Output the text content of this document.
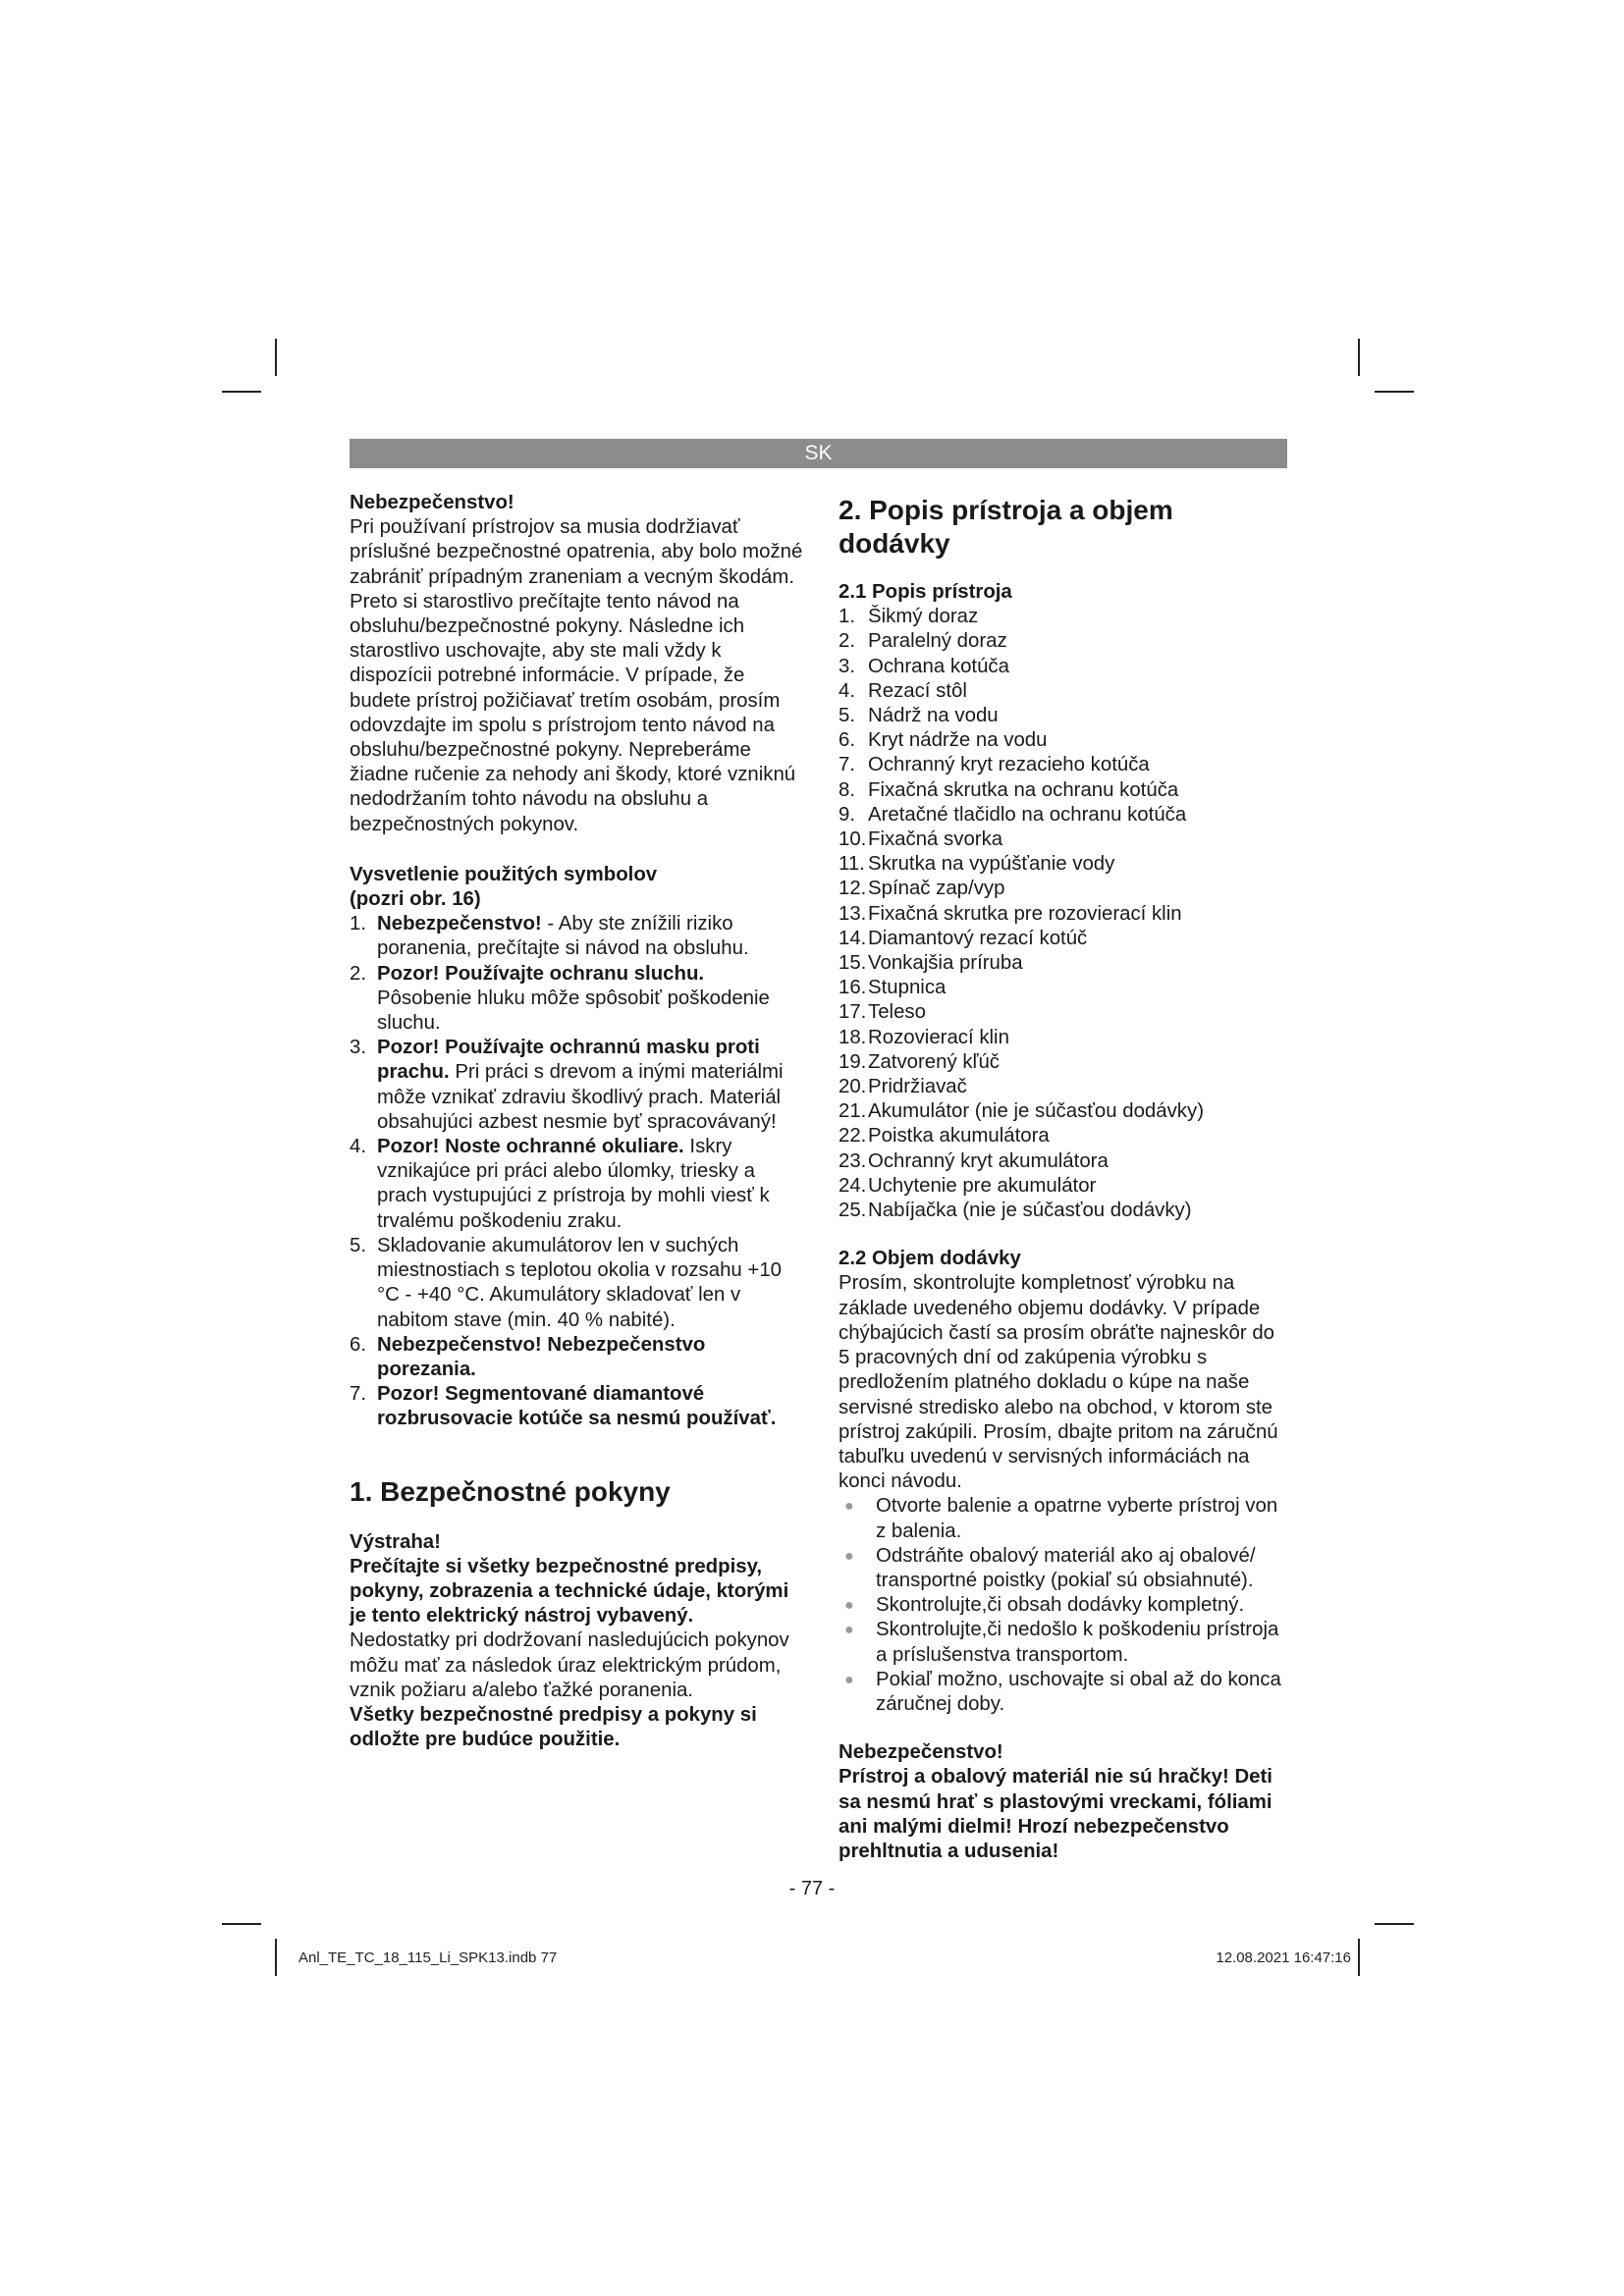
SK

Nebezpečenstvo!

Pri používaní prístrojov sa musia dodržiavať príslušné bezpečnostné opatrenia, aby bolo možné zabrániť prípadným zraneniam a vecným škodám. Preto si starostlivo prečítajte tento návod na obsluhu/bezpečnostné pokyny. Následne ich starostlivo uschovajte, aby ste mali vždy k dispozícii potrebné informácie. V prípade, že budete prístroj požičiavať tretím osobám, prosím odovzdajte im spolu s prístrojom tento návod na obsluhu/bezpečnostné pokyny. Nepreberáme žiadne ručenie za nehody ani škody, ktoré vzniknú nedodržaním tohto návodu na obsluhu a bezpečnostných pokynov.

Vysvetlenie použitých symbolov

(pozri obr. 16)

1. Nebezpečenstvo! - Aby ste znížili riziko poranenia, prečítajte si návod na obsluhu.
2. Pozor! Používajte ochranu sluchu. Pôsobenie hluku môže spôsobiť poškodenie sluchu.
3. Pozor! Používajte ochrannú masku proti prachu. Pri práci s drevom a inými materiálmi môže vznikať zdraviu škodlivý prach. Materiál obsahujúci azbest nesmie byť spracovávaný!
4. Pozor! Noste ochranné okuliare. Iskry vznikajúce pri práci alebo úlomky, triesky a prach vystupujúci z prístroja by mohli viesť k trvalému poškodeniu zraku.
5. Skladovanie akumulátorov len v suchých miestnostiach s teplotou okolia v rozsahu +10 °C - +40 °C. Akumulátory skladovať len v nabitom stave (min. 40 % nabité).
6. Nebezpečenstvo! Nebezpečenstvo porezania.
7. Pozor! Segmentované diamantové rozbrusovacie kotúče sa nesmú používať.

1. Bezpečnostné pokyny

Výstraha!

Prečítajte si všetky bezpečnostné predpisy, pokyny, zobrazenia a technické údaje, ktorými je tento elektrický nástroj vybavený.

Nedostatky pri dodržovaní nasledujúcich pokynov môžu mať za následok úraz elektrickým prúdom, vznik požiaru a/alebo ťažké poranenia.

Všetky bezpečnostné predpisy a pokyny si odložte pre budúce použitie.

2. Popis prístroja a objem dodávky

2.1 Popis prístroja

1. Šikmý doraz
2. Paralelný doraz
3. Ochrana kotúča
4. Rezací stôl
5. Nádrž na vodu
6. Kryt nádrže na vodu
7. Ochranný kryt rezacieho kotúča
8. Fixačná skrutka na ochranu kotúča
9. Aretačné tlačidlo na ochranu kotúča
10.Fixačná svorka
11. Skrutka na vypúšťanie vody
12.Spínač zap/vyp
13.Fixačná skrutka pre rozovierací klin
14.Diamantový rezací kotúč
15.Vonkajšia príruba
16.Stupnica
17.Teleso
18.Rozovierací klin
19.Zatvorený kľúč
20.Pridržiavač
21.Akumulátor (nie je súčasťou dodávky)
22.Poistka akumulátora
23.Ochranný kryt akumulátora
24.Uchytenie pre akumulátor
25.Nabíjačka (nie je súčasťou dodávky)

2.2 Objem dodávky

Prosím, skontrolujte kompletnosť výrobku na základe uvedeného objemu dodávky. V prípade chýbajúcich častí sa prosím obráťte najneskôr do 5 pracovných dní od zakúpenia výrobku s predložením platného dokladu o kúpe na naše servisné stredisko alebo na obchod, v ktorom ste prístroj zakúpili. Prosím, dbajte pritom na záručnú tabuľku uvedenú v servisných informáciách na konci návodu.

● Otvorte balenie a opatrne vyberte prístroj von z balenia.
● Odstráňte obalový materiál ako aj obalové/ transportné poistky (pokiaľ sú obsiahnuté).
● Skontrolujte,či obsah dodávky kompletný.
● Skontrolujte,či nedošlo k poškodeniu prístroja a príslušenstva transportom.
● Pokiaľ možno, uschovajte si obal až do konca záručnej doby.

Nebezpečenstvo!

Prístroj a obalový materiál nie sú hračky! Deti sa nesmú hrať s plastovými vreckami, fóliami ani malými dielmi! Hrozí nebezpečenstvo prehltnutia a udusenia!

- 77 -
Anl_TE_TC_18_115_Li_SPK13.indb 77	12.08.2021 16:47:16
